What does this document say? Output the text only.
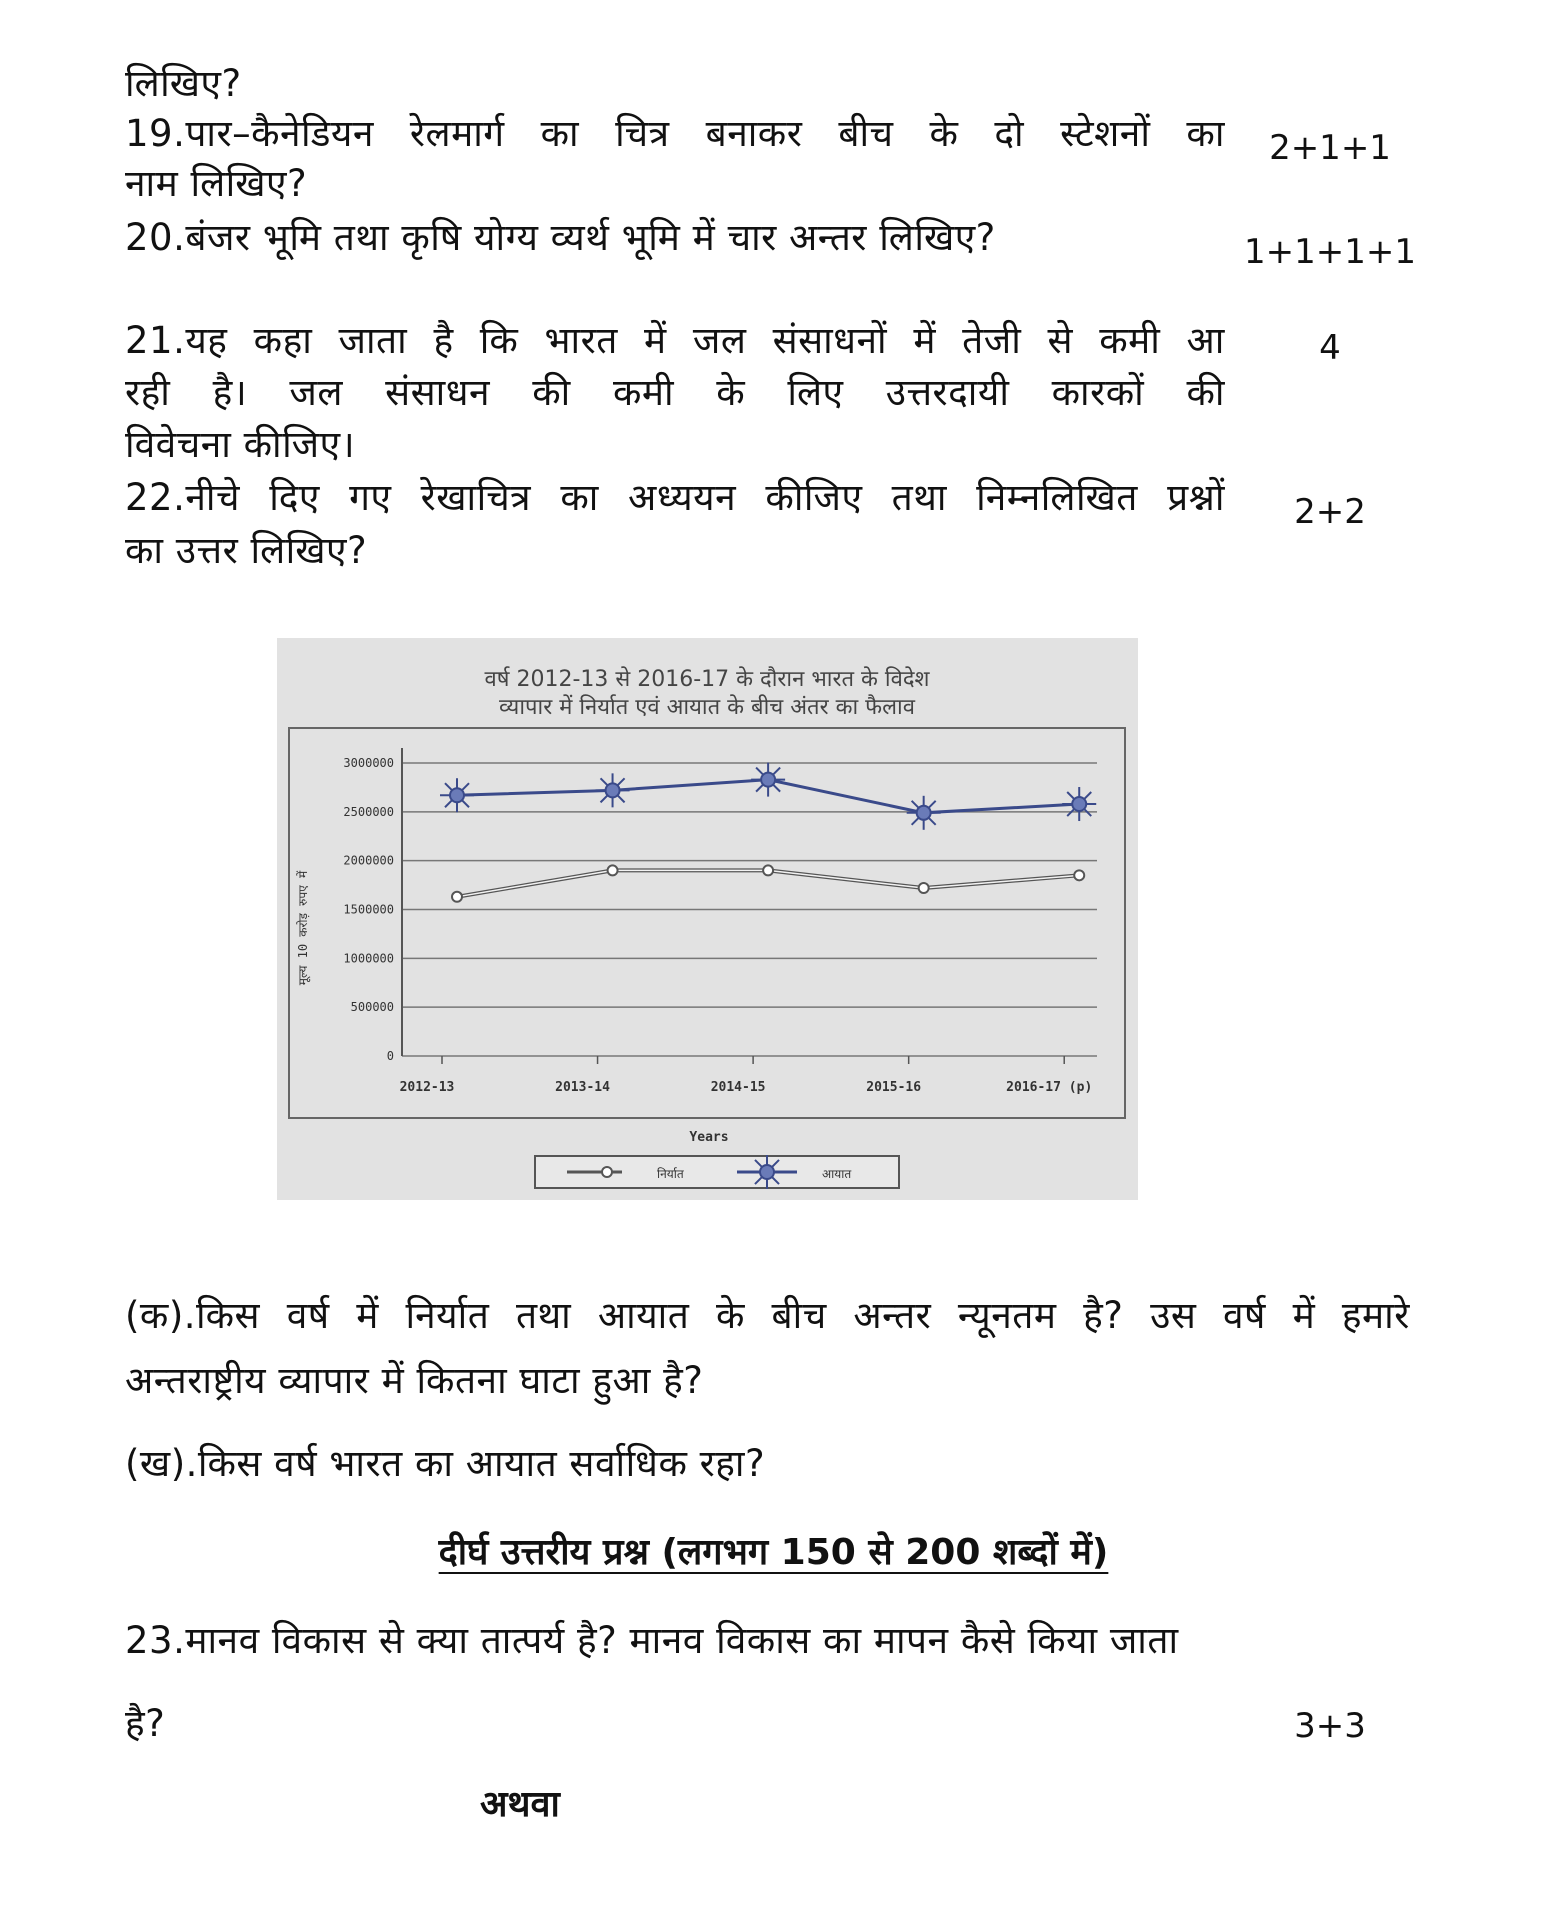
लिखिए?
19.पार–कैनेडियन रेलमार्ग का चित्र बनाकर बीच के दो स्टेशनों का
नाम लिखिए?
2+1+1
20.बंजर भूमि तथा कृषि योग्य व्यर्थ भूमि में चार अन्तर लिखिए?	1+1+1+1
21.यह कहा जाता है कि भारत में जल संसाधनों में तेजी से कमी आ
रही है। जल संसाधन की कमी के लिए उत्तरदायी कारकों की
विवेचना कीजिए।
4
22.नीचे दिए गए रेखाचित्र का अध्ययन कीजिए तथा निम्नलिखित प्रश्नों
का उत्तर लिखिए?
2+2
वर्ष 2012-13 से 2016-17 के दौरान भारत के विदेश
व्यापार में निर्यात एवं आयात के बीच अंतर का फैलाव
0
500000
1000000
1500000
2000000
2500000
3000000
2012-13	2013-14	2014-15	2015-16	2016-17 (p)
मूल्य 10 करोड़ रुपए में
Years
निर्यात	आयात
(क).किस वर्ष में निर्यात तथा आयात के बीच अन्तर न्यूनतम है? उस वर्ष में हमारे
अन्तराष्ट्रीय व्यापार में कितना घाटा हुआ है?
(ख).किस वर्ष भारत का आयात सर्वाधिक रहा?
दीर्घ उत्तरीय प्रश्न (लगभग 150 से 200 शब्दों में)
23.मानव विकास से क्या तात्पर्य है? मानव विकास का मापन कैसे किया जाता
है?	3+3
अथवा
